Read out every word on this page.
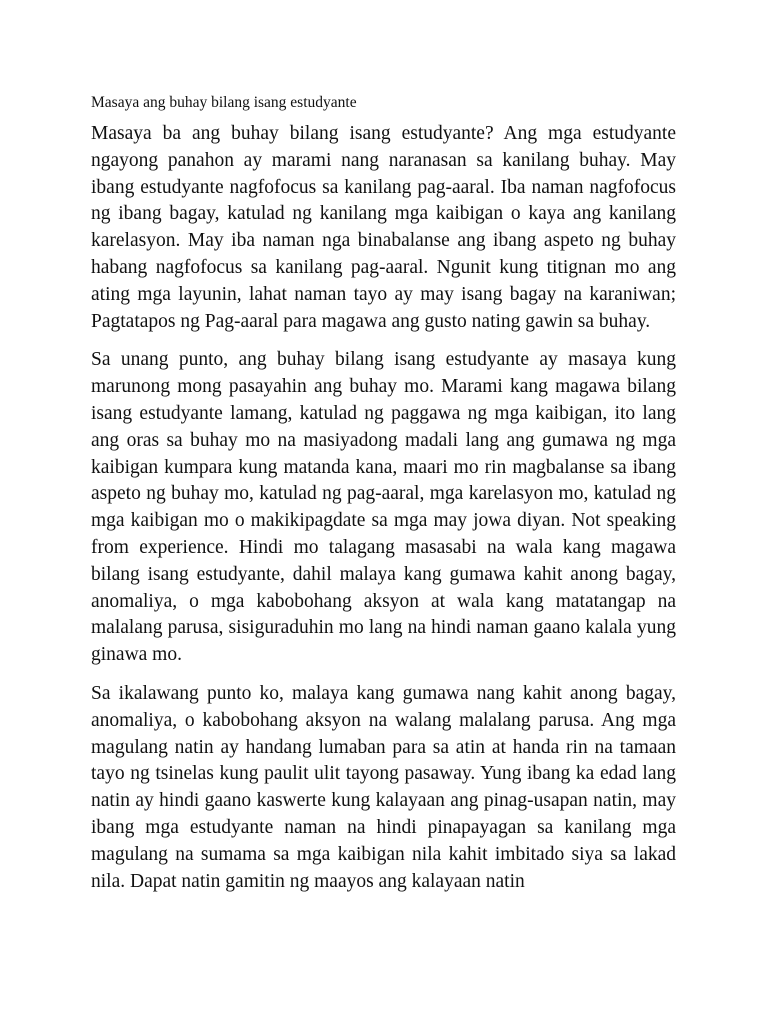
Masaya ang buhay bilang isang estudyante

Masaya ba ang buhay bilang isang estudyante? Ang mga estudyante ngayong panahon ay marami nang naranasan sa kanilang buhay. May ibang estudyante nagfofocus sa kanilang pag-aaral. Iba naman nagfofocus ng ibang bagay, katulad ng kanilang mga kaibigan o kaya ang kanilang karelasyon. May iba naman nga binabalanse ang ibang aspeto ng buhay habang nagfofocus sa kanilang pag-aaral. Ngunit kung titignan mo ang ating mga layunin, lahat naman tayo ay may isang bagay na karaniwan; Pagtatapos ng Pag-aaral para magawa ang gusto nating gawin sa buhay.

Sa unang punto, ang buhay bilang isang estudyante ay masaya kung marunong mong pasayahin ang buhay mo. Marami kang magawa bilang isang estudyante lamang, katulad ng paggawa ng mga kaibigan, ito lang ang oras sa buhay mo na masiyadong madali lang ang gumawa ng mga kaibigan kumpara kung matanda kana, maari mo rin magbalanse sa ibang aspeto ng buhay mo, katulad ng pag-aaral, mga karelasyon mo, katulad ng mga kaibigan mo o makikipagdate sa mga may jowa diyan. Not speaking from experience. Hindi mo talagang masasabi na wala kang magawa bilang isang estudyante, dahil malaya kang gumawa kahit anong bagay, anomaliya, o mga kabobohang aksyon at wala kang matatangap na malalang parusa, sisiguraduhin mo lang na hindi naman gaano kalala yung ginawa mo.

Sa ikalawang punto ko, malaya kang gumawa nang kahit anong bagay, anomaliya, o kabobohang aksyon na walang malalang parusa. Ang mga magulang natin ay handang lumaban para sa atin at handa rin na tamaan tayo ng tsinelas kung paulit ulit tayong pasaway. Yung ibang ka edad lang natin ay hindi gaano kaswerte kung kalayaan ang pinag-usapan natin, may ibang mga estudyante naman na hindi pinapayagan sa kanilang mga magulang na sumama sa mga kaibigan nila kahit imbitado siya sa lakad nila. Dapat natin gamitin ng maayos ang kalayaan natin
